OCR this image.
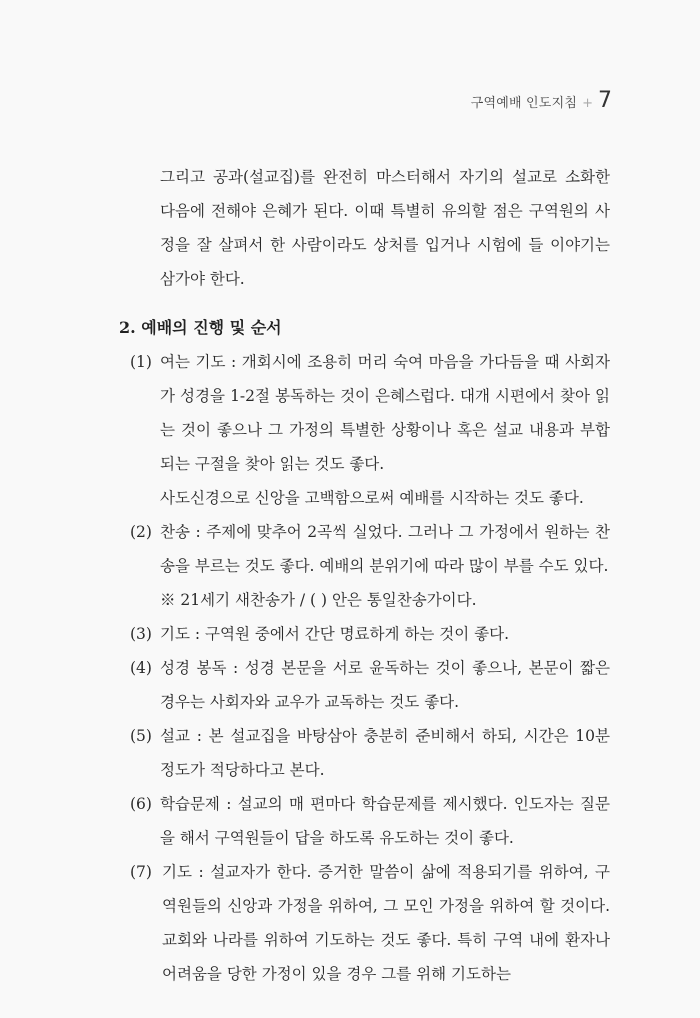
구역예배 인도지침 + 7

그리고 공과(설교집)를 완전히 마스터해서 자기의 설교로 소화한 다음에 전해야 은혜가 된다. 이때 특별히 유의할 점은 구역원의 사정을 잘 살펴서 한 사람이라도 상처를 입거나 시험에 들 이야기는 삼가야 한다.

2. 예배의 진행 및 순서
(1) 여는 기도 : 개회시에 조용히 머리 숙여 마음을 가다듬을 때 사회자가 성경을 1-2절 봉독하는 것이 은혜스럽다. 대개 시편에서 찾아 읽는 것이 좋으나 그 가정의 특별한 상황이나 혹은 설교 내용과 부합되는 구절을 찾아 읽는 것도 좋다.

사도신경으로 신앙을 고백함으로써 예배를 시작하는 것도 좋다.

(2) 찬송 : 주제에 맞추어 2곡씩 실었다. 그러나 그 가정에서 원하는 찬송을 부르는 것도 좋다. 예배의 분위기에 따라 많이 부를 수도 있다.

※ 21세기 새찬송가 / ( ) 안은 통일찬송가이다.

(3) 기도 : 구역원 중에서 간단 명료하게 하는 것이 좋다.

(4) 성경 봉독 : 성경 본문을 서로 윤독하는 것이 좋으나, 본문이 짧은 경우는 사회자와 교우가 교독하는 것도 좋다.

(5) 설교 : 본 설교집을 바탕삼아 충분히 준비해서 하되, 시간은 10분 정도가 적당하다고 본다.

(6) 학습문제 : 설교의 매 편마다 학습문제를 제시했다. 인도자는 질문을 해서 구역원들이 답을 하도록 유도하는 것이 좋다.

(7) 기도 : 설교자가 한다. 증거한 말씀이 삶에 적용되기를 위하여, 구역원들의 신앙과 가정을 위하여, 그 모인 가정을 위하여 할 것이다. 교회와 나라를 위하여 기도하는 것도 좋다. 특히 구역 내에 환자나 어려움을 당한 가정이 있을 경우 그를 위해 기도하는
